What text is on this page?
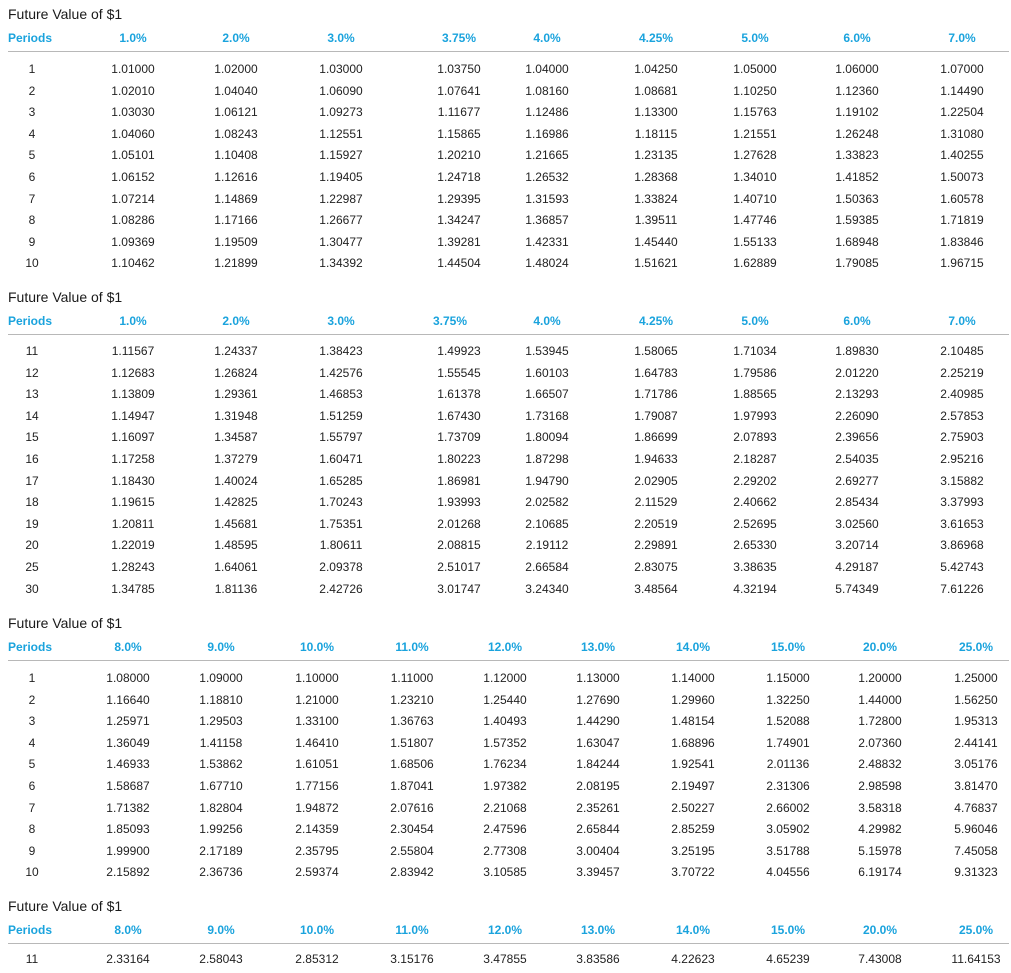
Future Value of $1
Periods	1.0%	2.0%	3.0%	3.75%	4.0%	4.25%	5.0%	6.0%	7.0%
1	1.01000	1.02000	1.03000	1.03750	1.04000	1.04250	1.05000	1.06000	1.07000
2	1.02010	1.04040	1.06090	1.07641	1.08160	1.08681	1.10250	1.12360	1.14490
3	1.03030	1.06121	1.09273	1.11677	1.12486	1.13300	1.15763	1.19102	1.22504
4	1.04060	1.08243	1.12551	1.15865	1.16986	1.18115	1.21551	1.26248	1.31080
5	1.05101	1.10408	1.15927	1.20210	1.21665	1.23135	1.27628	1.33823	1.40255
6	1.06152	1.12616	1.19405	1.24718	1.26532	1.28368	1.34010	1.41852	1.50073
7	1.07214	1.14869	1.22987	1.29395	1.31593	1.33824	1.40710	1.50363	1.60578
8	1.08286	1.17166	1.26677	1.34247	1.36857	1.39511	1.47746	1.59385	1.71819
9	1.09369	1.19509	1.30477	1.39281	1.42331	1.45440	1.55133	1.68948	1.83846
10	1.10462	1.21899	1.34392	1.44504	1.48024	1.51621	1.62889	1.79085	1.96715
Future Value of $1
Periods	1.0%	2.0%	3.0%	3.75%	4.0%	4.25%	5.0%	6.0%	7.0%
11	1.11567	1.24337	1.38423	1.49923	1.53945	1.58065	1.71034	1.89830	2.10485
12	1.12683	1.26824	1.42576	1.55545	1.60103	1.64783	1.79586	2.01220	2.25219
13	1.13809	1.29361	1.46853	1.61378	1.66507	1.71786	1.88565	2.13293	2.40985
14	1.14947	1.31948	1.51259	1.67430	1.73168	1.79087	1.97993	2.26090	2.57853
15	1.16097	1.34587	1.55797	1.73709	1.80094	1.86699	2.07893	2.39656	2.75903
16	1.17258	1.37279	1.60471	1.80223	1.87298	1.94633	2.18287	2.54035	2.95216
17	1.18430	1.40024	1.65285	1.86981	1.94790	2.02905	2.29202	2.69277	3.15882
18	1.19615	1.42825	1.70243	1.93993	2.02582	2.11529	2.40662	2.85434	3.37993
19	1.20811	1.45681	1.75351	2.01268	2.10685	2.20519	2.52695	3.02560	3.61653
20	1.22019	1.48595	1.80611	2.08815	2.19112	2.29891	2.65330	3.20714	3.86968
25	1.28243	1.64061	2.09378	2.51017	2.66584	2.83075	3.38635	4.29187	5.42743
30	1.34785	1.81136	2.42726	3.01747	3.24340	3.48564	4.32194	5.74349	7.61226
Future Value of $1
Periods	8.0%	9.0%	10.0%	11.0%	12.0%	13.0%	14.0%	15.0%	20.0%	25.0%
1	1.08000	1.09000	1.10000	1.11000	1.12000	1.13000	1.14000	1.15000	1.20000	1.25000
2	1.16640	1.18810	1.21000	1.23210	1.25440	1.27690	1.29960	1.32250	1.44000	1.56250
3	1.25971	1.29503	1.33100	1.36763	1.40493	1.44290	1.48154	1.52088	1.72800	1.95313
4	1.36049	1.41158	1.46410	1.51807	1.57352	1.63047	1.68896	1.74901	2.07360	2.44141
5	1.46933	1.53862	1.61051	1.68506	1.76234	1.84244	1.92541	2.01136	2.48832	3.05176
6	1.58687	1.67710	1.77156	1.87041	1.97382	2.08195	2.19497	2.31306	2.98598	3.81470
7	1.71382	1.82804	1.94872	2.07616	2.21068	2.35261	2.50227	2.66002	3.58318	4.76837
8	1.85093	1.99256	2.14359	2.30454	2.47596	2.65844	2.85259	3.05902	4.29982	5.96046
9	1.99900	2.17189	2.35795	2.55804	2.77308	3.00404	3.25195	3.51788	5.15978	7.45058
10	2.15892	2.36736	2.59374	2.83942	3.10585	3.39457	3.70722	4.04556	6.19174	9.31323
Future Value of $1
Periods	8.0%	9.0%	10.0%	11.0%	12.0%	13.0%	14.0%	15.0%	20.0%	25.0%
11	2.33164	2.58043	2.85312	3.15176	3.47855	3.83586	4.22623	4.65239	7.43008	11.64153
